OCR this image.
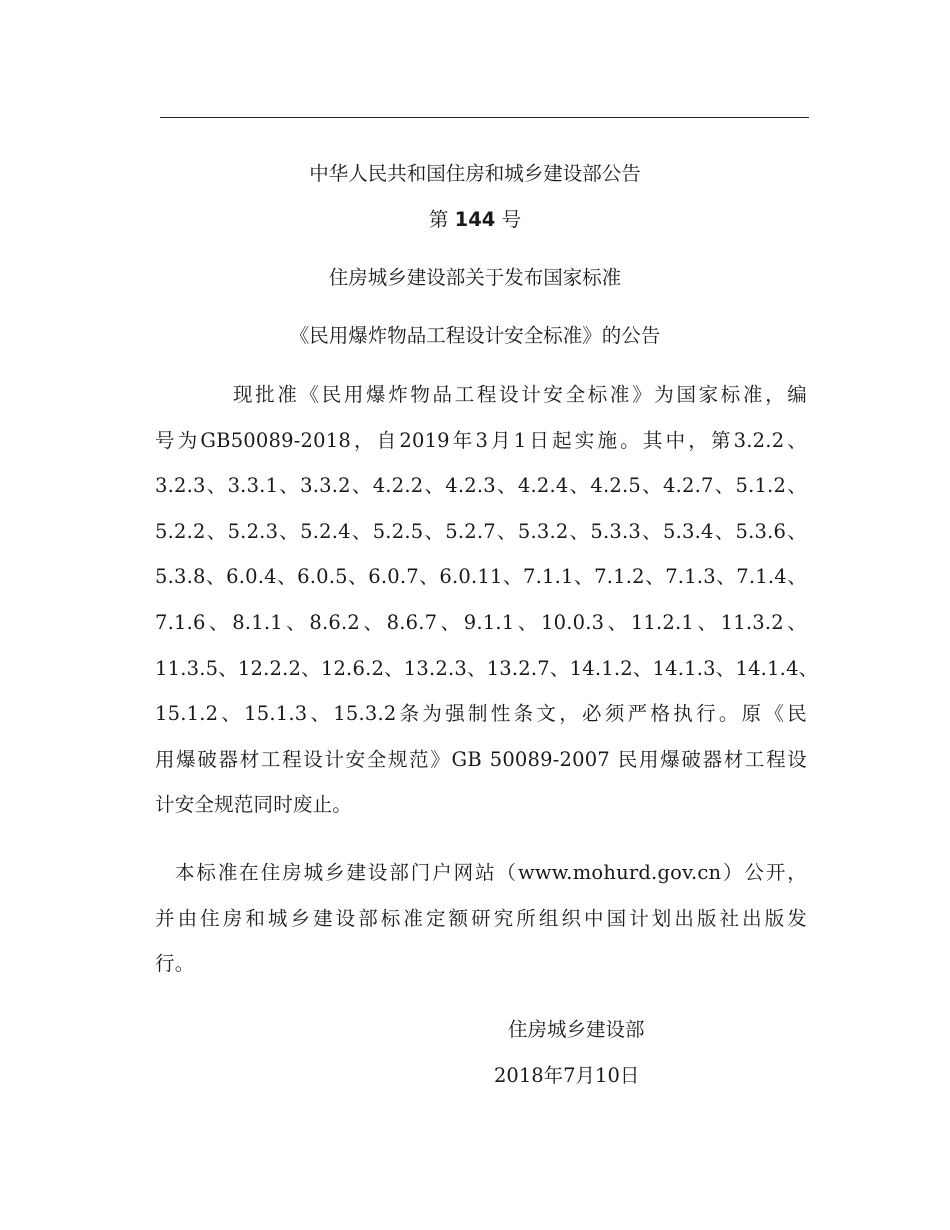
中华人民共和国住房和城乡建设部公告
第 144 号
住房城乡建设部关于发布国家标准
《民用爆炸物品工程设计安全标准》的公告
现批准《民用爆炸物品工程设计安全标准》为国家标准，编
号为GB50089-2018，自2019年3月1日起实施。其中，第3.2.2、
3.2.3、3.3.1、3.3.2、4.2.2、4.2.3、4.2.4、4.2.5、4.2.7、5.1.2、
5.2.2、5.2.3、5.2.4、5.2.5、5.2.7、5.3.2、5.3.3、5.3.4、5.3.6、
5.3.8、6.0.4、6.0.5、6.0.7、6.0.11、7.1.1、7.1.2、7.1.3、7.1.4、
7.1.6、8.1.1、8.6.2、8.6.7、9.1.1、10.0.3、11.2.1、11.3.2、
11.3.5、12.2.2、12.6.2、13.2.3、13.2.7、14.1.2、14.1.3、14.1.4、
15.1.2、15.1.3、15.3.2条为强制性条文，必须严格执行。原《民
用爆破器材工程设计安全规范》GB 50089-2007 民用爆破器材工程设
计安全规范同时废止。
本标准在住房城乡建设部门户网站（www.mohurd.gov.cn）公开，
并由住房和城乡建设部标准定额研究所组织中国计划出版社出版发
行。
住房城乡建设部
2018年7月10日
